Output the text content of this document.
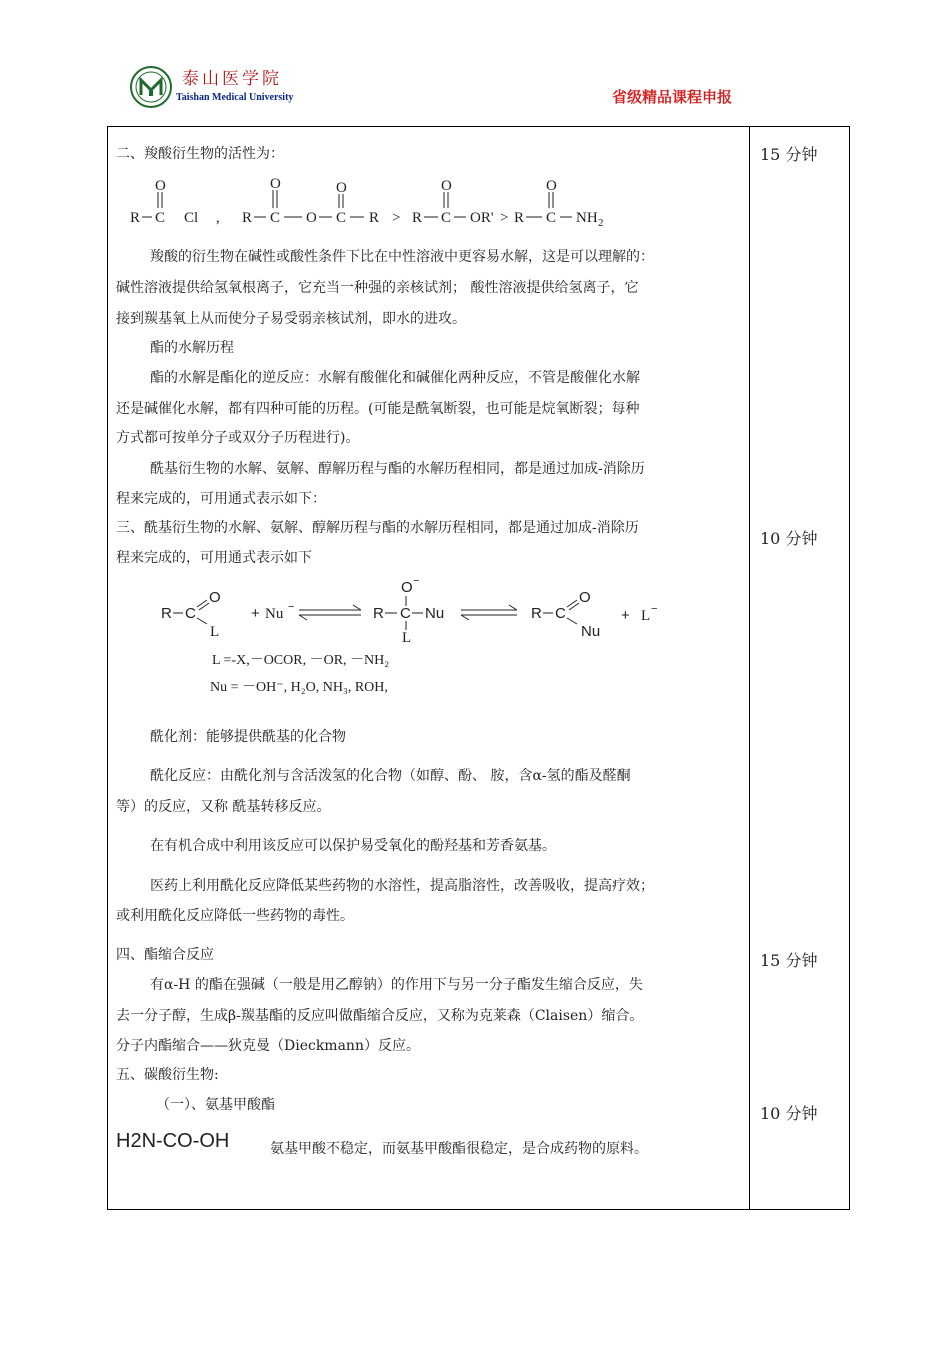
泰山医学院
Taishan Medical University	省级精品课程申报
15 分钟
10 分钟
15 分钟
10 分钟
二、羧酸衍生物的活性为：
R C
O
Cl , R C
O
O C
O
R > R C
O
OR' > R C
O
NH 2
羧酸的衍生物在碱性或酸性条件下比在中性溶液中更容易水解，这是可以理解的：
碱性溶液提供给氢氧根离子，它充当一种强的亲核试剂； 酸性溶液提供给氢离子，它
接到羰基氧上从而使分子易受弱亲核试剂，即水的进攻。
酯的水解历程
酯的水解是酯化的逆反应：水解有酸催化和碱催化两种反应，不管是酸催化水解
还是碱催化水解，都有四种可能的历程。(可能是酰氧断裂，也可能是烷氧断裂；每种
方式都可按单分子或双分子历程进行)。
酰基衍生物的水解、氨解、醇解历程与酯的水解历程相同，都是通过加成-消除历
程来完成的，可用通式表示如下：
三、酰基衍生物的水解、氨解、醇解历程与酯的水解历程相同，都是通过加成-消除历
程来完成的，可用通式表示如下
R C
O
L
+ Nu −
O −
R C Nu
L
R C
O
Nu
+ L −
L =-X,－OCOR, －OR, －NH₂
Nu = －OH⁻, H₂O, NH₃, ROH,
酰化剂：能够提供酰基的化合物
酰化反应：由酰化剂与含活泼氢的化合物（如醇、酚、 胺，含α-氢的酯及醛酮
等）的反应，又称 酰基转移反应。
在有机合成中利用该反应可以保护易受氧化的酚羟基和芳香氨基。
医药上利用酰化反应降低某些药物的水溶性，提高脂溶性，改善吸收，提高疗效；
或利用酰化反应降低一些药物的毒性。
四、酯缩合反应
有α-H 的酯在强碱（一般是用乙醇钠）的作用下与另一分子酯发生缩合反应，失
去一分子醇，生成β-羰基酯的反应叫做酯缩合反应，又称为克莱森（Claisen）缩合。
分子内酯缩合——狄克曼（Dieckmann）反应。
五、碳酸衍生物:
（一）、氨基甲酸酯
H2N-CO-OH	氨基甲酸不稳定，而氨基甲酸酯很稳定，是合成药物的原料。
